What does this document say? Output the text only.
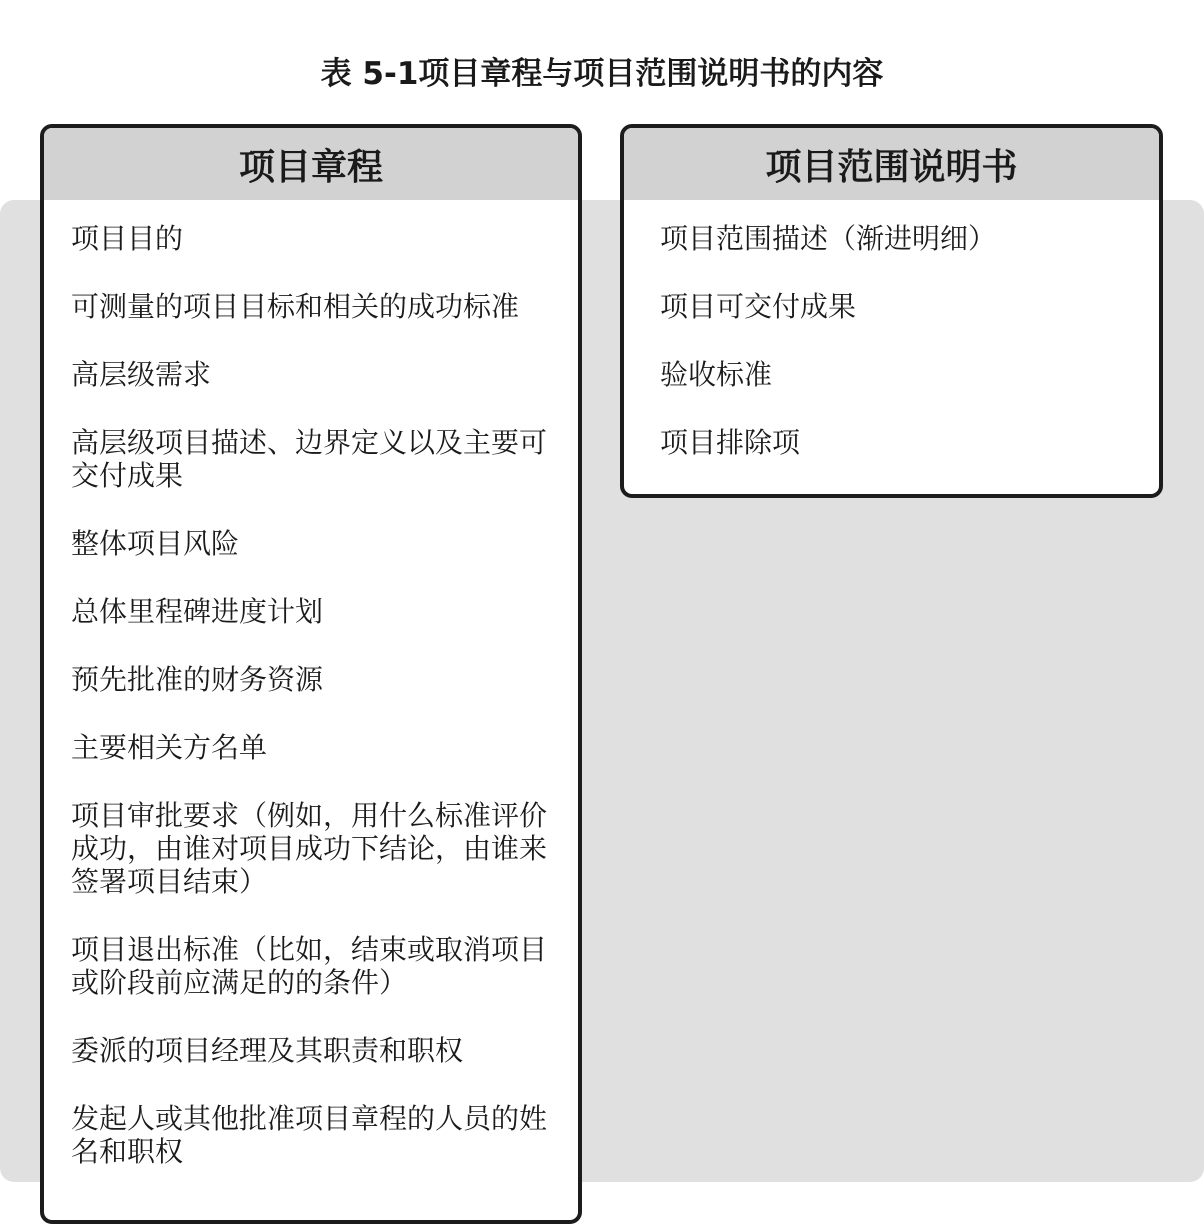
表 5-1项目章程与项目范围说明书的内容
项目章程
项目目的
可测量的项目目标和相关的成功标准
高层级需求
高层级项目描述、边界定义以及主要可交付成果
整体项目风险
总体里程碑进度计划
预先批准的财务资源
主要相关方名单
项目审批要求（例如，用什么标准评价成功，由谁对项目成功下结论，由谁来签署项目结束）
项目退出标准（比如，结束或取消项目或阶段前应满足的的条件）
委派的项目经理及其职责和职权
发起人或其他批准项目章程的人员的姓名和职权
项目范围说明书
项目范围描述（渐进明细）
项目可交付成果
验收标准
项目排除项
